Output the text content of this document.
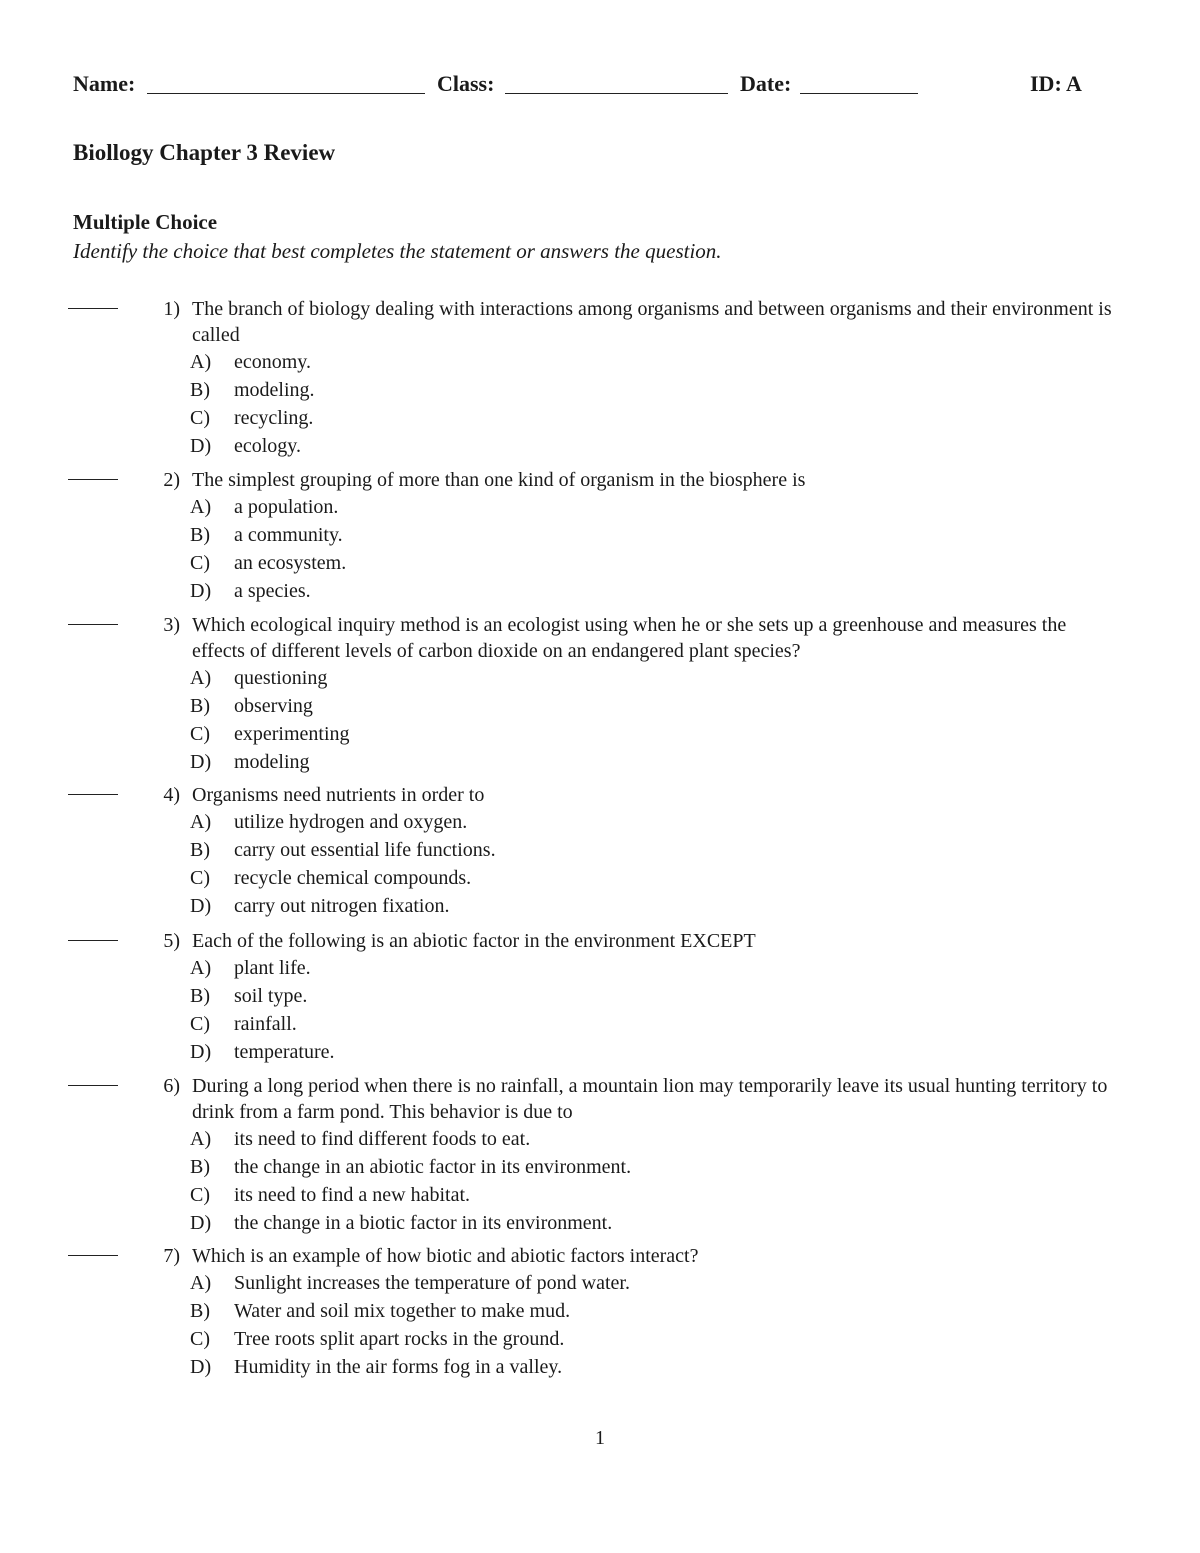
Name:	Class:	Date:	ID: A
Biollogy Chapter 3 Review
Multiple Choice
Identify the choice that best completes the statement or answers the question.
1) The branch of biology dealing with interactions among organisms and between organisms and their environment is called
A) economy.
B) modeling.
C) recycling.
D) ecology.
2) The simplest grouping of more than one kind of organism in the biosphere is
A) a population.
B) a community.
C) an ecosystem.
D) a species.
3) Which ecological inquiry method is an ecologist using when he or she sets up a greenhouse and measures the effects of different levels of carbon dioxide on an endangered plant species?
A) questioning
B) observing
C) experimenting
D) modeling
4) Organisms need nutrients in order to
A) utilize hydrogen and oxygen.
B) carry out essential life functions.
C) recycle chemical compounds.
D) carry out nitrogen fixation.
5) Each of the following is an abiotic factor in the environment EXCEPT
A) plant life.
B) soil type.
C) rainfall.
D) temperature.
6) During a long period when there is no rainfall, a mountain lion may temporarily leave its usual hunting territory to drink from a farm pond. This behavior is due to
A) its need to find different foods to eat.
B) the change in an abiotic factor in its environment.
C) its need to find a new habitat.
D) the change in a biotic factor in its environment.
7) Which is an example of how biotic and abiotic factors interact?
A) Sunlight increases the temperature of pond water.
B) Water and soil mix together to make mud.
C) Tree roots split apart rocks in the ground.
D) Humidity in the air forms fog in a valley.
1
